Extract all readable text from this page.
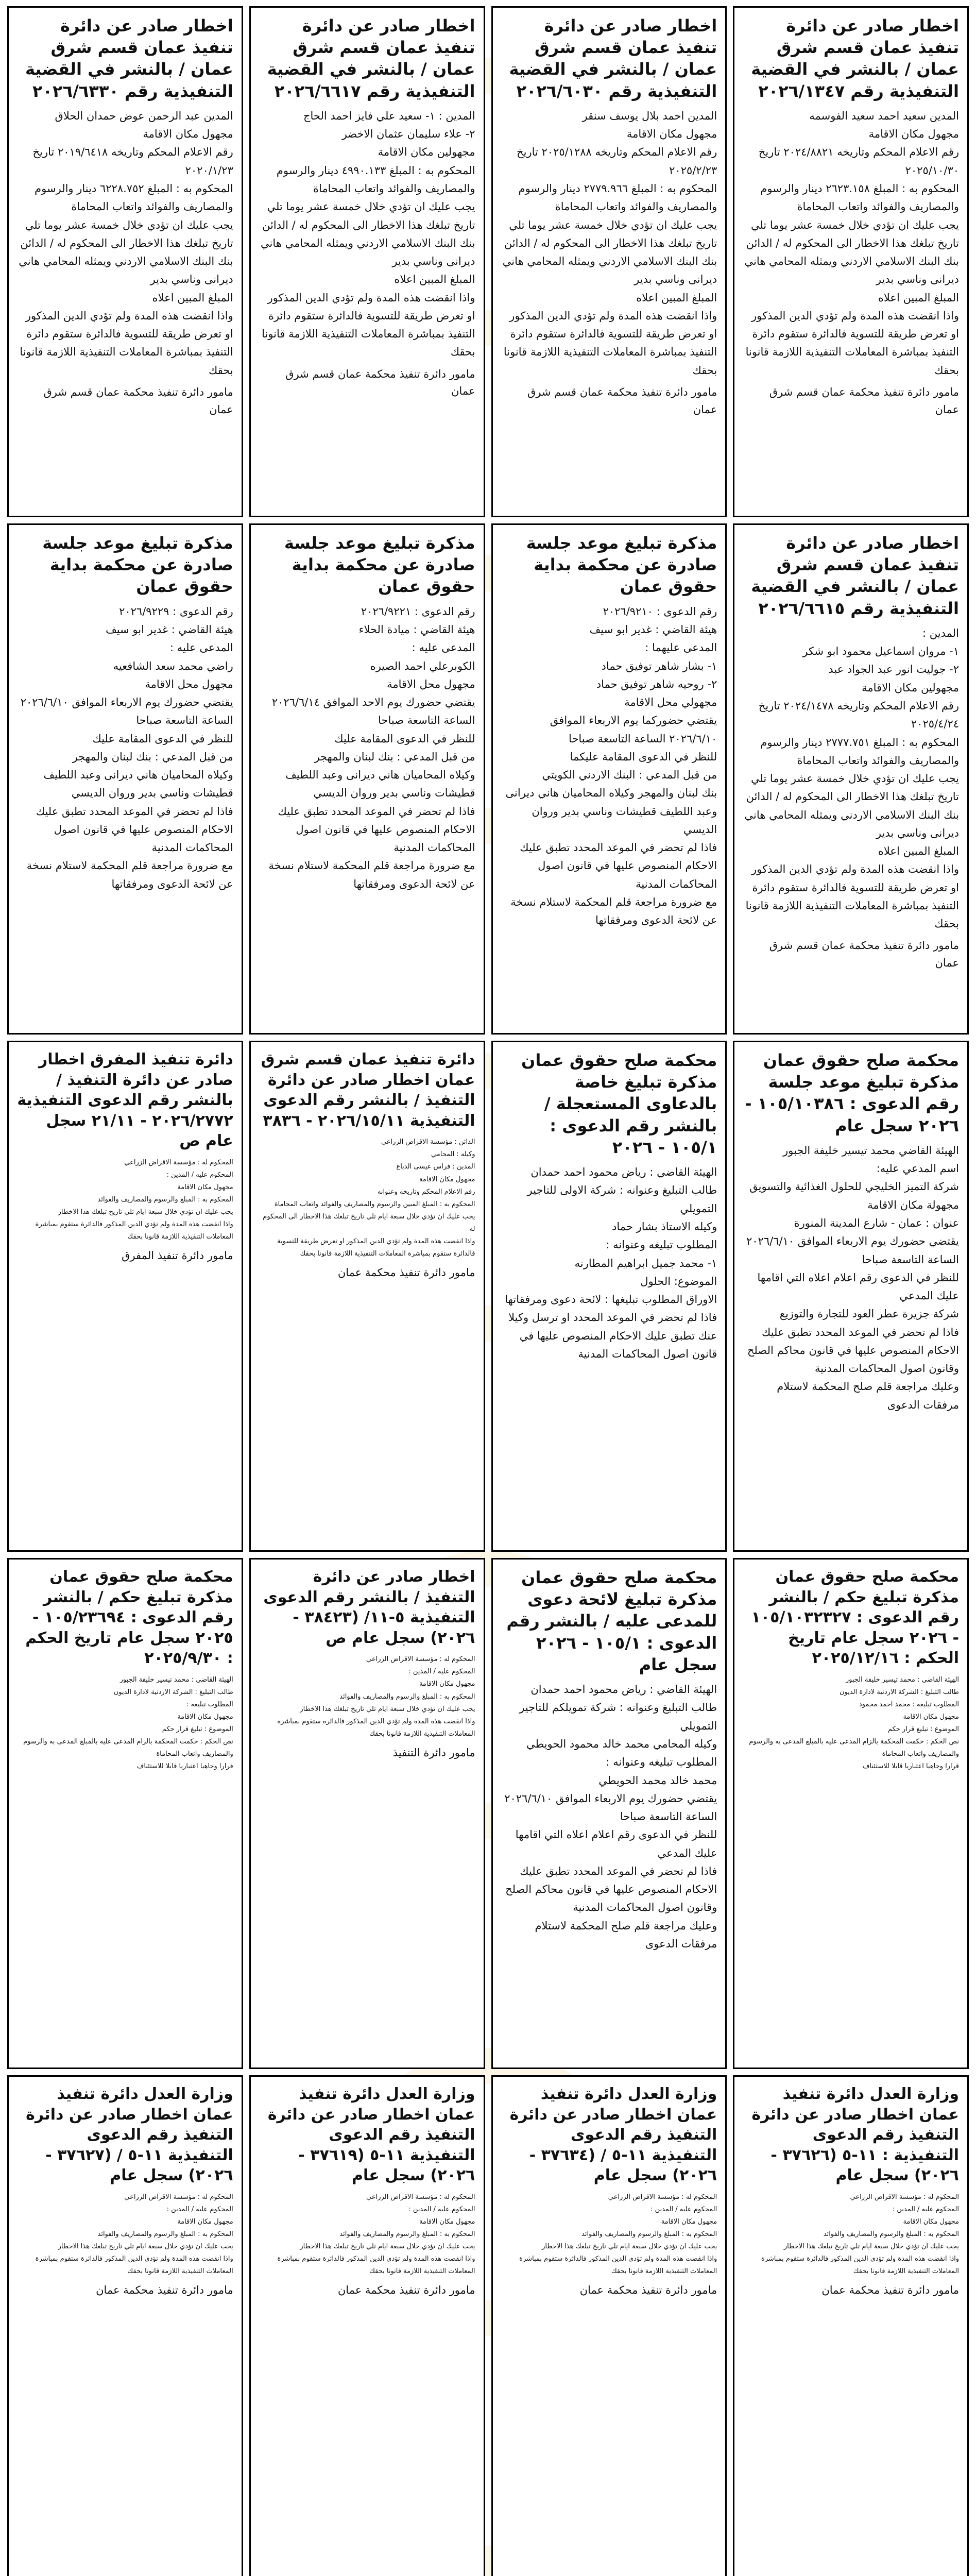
اخطار صادر عن دائرة تنفيذ عمان قسم شرق عمان / بالنشر في القضية التنفيذية رقم ٢٠٢٦/١٣٤٧

المدين سعيد احمد سعيد الفوسمه

مجهول مكان الاقامة

رقم الاعلام المحكم وتاريخه ٢٠٢٤/٨٨٢١ تاريخ ٢٠٢٥/١٠/٣٠

المحكوم به : المبلغ ٢٦٢٣.١٥٨ دينار والرسوم والمصاريف والفوائد واتعاب المحاماة

يجب عليك ان تؤدي خلال خمسة عشر يوما تلي تاريخ تبلغك هذا الاخطار الى المحكوم له / الدائن

بنك البنك الاسلامي الاردني ويمثله المحامي هاني ديرانى وناسي بدير

المبلغ المبين اعلاه

واذا انقضت هذه المدة ولم تؤدي الدين المذكور او تعرض طريقة للتسوية فالدائرة ستقوم دائرة التنفيذ بمباشرة المعاملات التنفيذية اللازمة قانونا بحقك

مامور دائرة تنفيذ محكمة عمان قسم شرق عمان
اخطار صادر عن دائرة تنفيذ عمان قسم شرق عمان / بالنشر في القضية التنفيذية رقم ٢٠٢٦/٦٠٣٠

المدين احمد بلال يوسف سنقر

مجهول مكان الاقامة

رقم الاعلام المحكم وتاريخه ٢٠٢٥/١٢٨٨ تاريخ ٢٠٢٥/٢/٢٣

المحكوم به : المبلغ ٢٧٧٩.٩٦٦ دينار والرسوم والمصاريف والفوائد واتعاب المحاماة

يجب عليك ان تؤدي خلال خمسة عشر يوما تلي تاريخ تبلغك هذا الاخطار الى المحكوم له / الدائن

بنك البنك الاسلامي الاردني ويمثله المحامي هاني ديرانى وناسي بدير

المبلغ المبين اعلاه

واذا انقضت هذه المدة ولم تؤدي الدين المذكور او تعرض طريقة للتسوية فالدائرة ستقوم دائرة التنفيذ بمباشرة المعاملات التنفيذية اللازمة قانونا بحقك

مامور دائرة تنفيذ محكمة عمان قسم شرق عمان
اخطار صادر عن دائرة تنفيذ عمان قسم شرق عمان / بالنشر في القضية التنفيذية رقم ٢٠٢٦/٦٦١٧

المدين : ١- سعيد علي فايز احمد الحاج

٢- علاء سليمان عثمان الاخضر

مجهولين مكان الاقامة

المحكوم به : المبلغ ٤٩٩٠.١٣٣ دينار والرسوم والمصاريف والفوائد واتعاب المحاماة

يجب عليك ان تؤدي خلال خمسة عشر يوما تلي تاريخ تبلغك هذا الاخطار الى المحكوم له / الدائن

بنك البنك الاسلامي الاردني ويمثله المحامي هاني ديرانى وناسي بدير

المبلغ المبين اعلاه

واذا انقضت هذه المدة ولم تؤدي الدين المذكور او تعرض طريقة للتسوية فالدائرة ستقوم دائرة التنفيذ بمباشرة المعاملات التنفيذية اللازمة قانونا بحقك

مامور دائرة تنفيذ محكمة عمان قسم شرق عمان
اخطار صادر عن دائرة تنفيذ عمان قسم شرق عمان / بالنشر في القضية التنفيذية رقم ٢٠٢٦/٦٣٣٠

المدين عبد الرحمن عوض حمدان الحلاق

مجهول مكان الاقامة

رقم الاعلام المحكم وتاريخه ٢٠١٩/٦٤١٨ تاريخ ٢٠٢٠/١/٢٣

المحكوم به : المبلغ ٦٢٢٨.٧٥٢ دينار والرسوم والمصاريف والفوائد واتعاب المحاماة

يجب عليك ان تؤدي خلال خمسة عشر يوما تلي تاريخ تبلغك هذا الاخطار الى المحكوم له / الدائن

بنك البنك الاسلامي الاردني ويمثله المحامي هاني ديرانى وناسي بدير

المبلغ المبين اعلاه

واذا انقضت هذه المدة ولم تؤدي الدين المذكور او تعرض طريقة للتسوية فالدائرة ستقوم دائرة التنفيذ بمباشرة المعاملات التنفيذية اللازمة قانونا بحقك

مامور دائرة تنفيذ محكمة عمان قسم شرق عمان
اخطار صادر عن دائرة تنفيذ عمان قسم شرق عمان / بالنشر في القضية التنفيذية رقم ٢٠٢٦/٦٦١٥

المدين :

١- مروان اسماعيل محمود ابو شكر

٢- جوليت انور عبد الجواد عبد

مجهولين مكان الاقامة

رقم الاعلام المحكم وتاريخه ٢٠٢٤/١٤٧٨ تاريخ ٢٠٢٥/٤/٢٤

المحكوم به : المبلغ ٢٧٧٧.٧٥١ دينار والرسوم والمصاريف والفوائد واتعاب المحاماة

يجب عليك ان تؤدي خلال خمسة عشر يوما تلي تاريخ تبلغك هذا الاخطار الى المحكوم له / الدائن

بنك البنك الاسلامي الاردني ويمثله المحامي هاني ديرانى وناسي بدير

المبلغ المبين اعلاه

واذا انقضت هذه المدة ولم تؤدي الدين المذكور او تعرض طريقة للتسوية فالدائرة ستقوم دائرة التنفيذ بمباشرة المعاملات التنفيذية اللازمة قانونا بحقك

مامور دائرة تنفيذ محكمة عمان قسم شرق عمان
مذكرة تبليغ موعد جلسة صادرة عن محكمة بداية حقوق عمان

رقم الدعوى : ٢٠٢٦/٩٢١٠

هيئة القاضي : غدير ابو سيف

المدعى عليهما :

١- بشار شاهر توفيق حماد

٢- روحيه شاهر توفيق حماد

مجهولي محل الاقامة

يقتضي حضوركما يوم الاربعاء الموافق ٢٠٢٦/٦/١٠ الساعة التاسعة صباحا

للنظر في الدعوى المقامة عليكما

من قبل المدعي : البنك الاردني الكويتي

بنك لبنان والمهجر وكيلاه المحاميان هاني ديرانى وعبد اللطيف قطيشات وناسي بدير وروان الديسي

فاذا لم تحضر في الموعد المحدد تطبق عليك الاحكام المنصوص عليها في قانون اصول المحاكمات المدنية

مع ضرورة مراجعة قلم المحكمة لاستلام نسخة عن لائحة الدعوى ومرفقاتها

مذكرة تبليغ موعد جلسة صادرة عن محكمة بداية حقوق عمان

رقم الدعوى : ٢٠٢٦/٩٢٢١

هيئة القاضي : ميادة الحلاء

المدعى عليه :

الكوبرعلي احمد الصيره

مجهول محل الاقامة

يقتضي حضورك يوم الاحد الموافق ٢٠٢٦/٦/١٤ الساعة التاسعة صباحا

للنظر في الدعوى المقامة عليك

من قبل المدعي : بنك لبنان والمهجر

وكيلاه المحاميان هاني ديرانى وعبد اللطيف قطيشات وناسي بدير وروان الديسي

فاذا لم تحضر في الموعد المحدد تطبق عليك الاحكام المنصوص عليها في قانون اصول المحاكمات المدنية

مع ضرورة مراجعة قلم المحكمة لاستلام نسخة عن لائحة الدعوى ومرفقاتها

مذكرة تبليغ موعد جلسة صادرة عن محكمة بداية حقوق عمان

رقم الدعوى : ٢٠٢٦/٩٢٢٩

هيئة القاضي : غدير ابو سيف

المدعى عليه :

راضي محمد سعد الشافعيه

مجهول محل الاقامة

يقتضي حضورك يوم الاربعاء الموافق ٢٠٢٦/٦/١٠ الساعة التاسعة صباحا

للنظر في الدعوى المقامة عليك

من قبل المدعي : بنك لبنان والمهجر

وكيلاه المحاميان هاني ديرانى وعبد اللطيف قطيشات وناسي بدير وروان الديسي

فاذا لم تحضر في الموعد المحدد تطبق عليك الاحكام المنصوص عليها في قانون اصول المحاكمات المدنية

مع ضرورة مراجعة قلم المحكمة لاستلام نسخة عن لائحة الدعوى ومرفقاتها

محكمة صلح حقوق عمان مذكرة تبليغ موعد جلسة رقم الدعوى : ١٠٥/١٠٣٨٦ - ٢٠٢٦ سجل عام

الهيئة القاضي محمد تيسير خليفة الجبور

اسم المدعي عليه:

شركة التميز الخليجي للحلول الغذائية والتسويق

مجهولة مكان الاقامة

عنوان : عمان - شارع المدينة المنورة

يقتضي حضورك يوم الاربعاء الموافق ٢٠٢٦/٦/١٠ الساعة التاسعة صباحا

للنظر في الدعوى رقم اعلام اعلاه التي اقامها عليك المدعي

شركة جزيرة عطر العود للتجارة والتوزيع

فاذا لم تحضر في الموعد المحدد تطبق عليك الاحكام المنصوص عليها في قانون محاكم الصلح وقانون اصول المحاكمات المدنية

وعليك مراجعة قلم صلح المحكمة لاستلام مرفقات الدعوى

محكمة صلح حقوق عمان مذكرة تبليغ خاصة بالدعاوى المستعجلة / بالنشر رقم الدعوى : ١٠٥/١ - ٢٠٢٦

الهيئة القاضي : رياض محمود احمد حمدان

طالب التبليغ وعنوانه : شركة الاولى للتاجير التمويلي

وكيله الاستاذ بشار حماد

المطلوب تبليغه وعنوانه :

١- محمد جميل ابراهيم المطارنه

الموضوع: الحلول

الاوراق المطلوب تبليغها : لائحة دعوى ومرفقاتها

فاذا لم تحضر في الموعد المحدد او ترسل وكيلا عنك تطبق عليك الاحكام المنصوص عليها في قانون اصول المحاكمات المدنية

دائرة تنفيذ عمان قسم شرق عمان اخطار صادر عن دائرة التنفيذ / بالنشر رقم الدعوى التنفيذية ٢٠٢٦/١٥/١١ - ٣٨٣٦

الدائن : مؤسسة الاقراض الزراعي

وكيله : المحامي

المدين : فراس عيسى الدباغ

مجهول مكان الاقامة

رقم الاعلام المحكم وتاريخه وعنوانه

المحكوم به : المبلغ المبين والرسوم والمصاريف والفوائد واتعاب المحاماة

يجب عليك ان تؤدي خلال سبعة ايام تلي تاريخ تبلغك هذا الاخطار الى المحكوم له

واذا انقضت هذه المدة ولم تؤدي الدين المذكور او تعرض طريقة للتسوية فالدائرة ستقوم بمباشرة المعاملات التنفيذية اللازمة قانونا بحقك

مامور دائرة تنفيذ محكمة عمان
دائرة تنفيذ المفرق اخطار صادر عن دائرة التنفيذ / بالنشر رقم الدعوى التنفيذية ٢٠٢٦/٢٧٧٢ - ٢١/١١ سجل عام ص

المحكوم له : مؤسسة الاقراض الزراعي

المحكوم عليه / المدين :

مجهول مكان الاقامة

المحكوم به : المبلغ والرسوم والمصاريف والفوائد

يجب عليك ان تؤدي خلال سبعة ايام تلي تاريخ تبلغك هذا الاخطار

واذا انقضت هذه المدة ولم تؤدي الدين المذكور فالدائرة ستقوم بمباشرة المعاملات التنفيذية اللازمة قانونا بحقك

مامور دائرة تنفيذ المفرق
محكمة صلح حقوق عمان مذكرة تبليغ حكم / بالنشر رقم الدعوى : ١٠٥/١٠٣٢٣٢٧ - ٢٠٢٦ سجل عام تاريخ الحكم : ٢٠٢٥/١٢/١٦

الهيئة القاضي : محمد تيسير خليفة الجبور

طالب التبليغ : الشركة الاردنية لادارة الديون

المطلوب تبليغه : محمد احمد محمود

مجهول مكان الاقامة

الموضوع : تبليغ قرار حكم

نص الحكم : حكمت المحكمة بالزام المدعى عليه بالمبلغ المدعى به والرسوم والمصاريف واتعاب المحاماة

قرارا وجاهيا اعتباريا قابلا للاستئناف

محكمة صلح حقوق عمان مذكرة تبليغ لائحة دعوى للمدعى عليه / بالنشر رقم الدعوى : ١٠٥/١ - ٢٠٢٦ سجل عام

الهيئة القاضي : رياض محمود احمد حمدان

طالب التبليغ وعنوانه : شركة تمويلكم للتاجير التمويلي

وكيله المحامي محمد خالد محمود الحويطي

المطلوب تبليغه وعنوانه :

محمد خالد محمد الحويطي

يقتضي حضورك يوم الاربعاء الموافق ٢٠٢٦/٦/١٠ الساعة التاسعة صباحا

للنظر في الدعوى رقم اعلام اعلاه التي اقامها عليك المدعي

فاذا لم تحضر في الموعد المحدد تطبق عليك الاحكام المنصوص عليها في قانون محاكم الصلح وقانون اصول المحاكمات المدنية

وعليك مراجعة قلم صلح المحكمة لاستلام مرفقات الدعوى

اخطار صادر عن دائرة التنفيذ / بالنشر رقم الدعوى التنفيذية ٥-١١/ (٣٨٤٢٣ - ٢٠٢٦) سجل عام ص

المحكوم له : مؤسسة الاقراض الزراعي

المحكوم عليه / المدين :

مجهول مكان الاقامة

المحكوم به : المبلغ والرسوم والمصاريف والفوائد

يجب عليك ان تؤدي خلال سبعة ايام تلي تاريخ تبلغك هذا الاخطار

واذا انقضت هذه المدة ولم تؤدي الدين المذكور فالدائرة ستقوم بمباشرة المعاملات التنفيذية اللازمة قانونا بحقك

مامور دائرة التنفيذ
محكمة صلح حقوق عمان مذكرة تبليغ حكم / بالنشر رقم الدعوى : ١٠٥/٢٣٦٩٤ - ٢٠٢٥ سجل عام تاريخ الحكم : ٢٠٢٥/٩/٣٠

الهيئة القاضي : محمد تيسير خليفة الجبور

طالب التبليغ : الشركة الاردنية لادارة الديون

المطلوب تبليغه :

مجهول مكان الاقامة

الموضوع : تبليغ قرار حكم

نص الحكم : حكمت المحكمة بالزام المدعى عليه بالمبلغ المدعى به والرسوم والمصاريف واتعاب المحاماة

قرارا وجاهيا اعتباريا قابلا للاستئناف

وزارة العدل دائرة تنفيذ عمان اخطار صادر عن دائرة التنفيذ رقم الدعوى التنفيذية : ١١-٥ (٣٧٦٢٦ - ٢٠٢٦) سجل عام

المحكوم له : مؤسسة الاقراض الزراعي

المحكوم عليه / المدين :

مجهول مكان الاقامة

المحكوم به : المبلغ والرسوم والمصاريف والفوائد

يجب عليك ان تؤدي خلال سبعة ايام تلي تاريخ تبلغك هذا الاخطار

واذا انقضت هذه المدة ولم تؤدي الدين المذكور فالدائرة ستقوم بمباشرة المعاملات التنفيذية اللازمة قانونا بحقك

مامور دائرة تنفيذ محكمة عمان
وزارة العدل دائرة تنفيذ عمان اخطار صادر عن دائرة التنفيذ رقم الدعوى التنفيذية ١١-٥ / (٣٧٦٣٤ - ٢٠٢٦) سجل عام

المحكوم له : مؤسسة الاقراض الزراعي

المحكوم عليه / المدين :

مجهول مكان الاقامة

المحكوم به : المبلغ والرسوم والمصاريف والفوائد

يجب عليك ان تؤدي خلال سبعة ايام تلي تاريخ تبلغك هذا الاخطار

واذا انقضت هذه المدة ولم تؤدي الدين المذكور فالدائرة ستقوم بمباشرة المعاملات التنفيذية اللازمة قانونا بحقك

مامور دائرة تنفيذ محكمة عمان
وزارة العدل دائرة تنفيذ عمان اخطار صادر عن دائرة التنفيذ رقم الدعوى التنفيذية ١١-٥ (٣٧٦١٩ - ٢٠٢٦) سجل عام

المحكوم له : مؤسسة الاقراض الزراعي

المحكوم عليه / المدين :

مجهول مكان الاقامة

المحكوم به : المبلغ والرسوم والمصاريف والفوائد

يجب عليك ان تؤدي خلال سبعة ايام تلي تاريخ تبلغك هذا الاخطار

واذا انقضت هذه المدة ولم تؤدي الدين المذكور فالدائرة ستقوم بمباشرة المعاملات التنفيذية اللازمة قانونا بحقك

مامور دائرة تنفيذ محكمة عمان
وزارة العدل دائرة تنفيذ عمان اخطار صادر عن دائرة التنفيذ رقم الدعوى التنفيذية ١١-٥ / (٣٧٦٢٧ - ٢٠٢٦) سجل عام

المحكوم له : مؤسسة الاقراض الزراعي

المحكوم عليه / المدين :

مجهول مكان الاقامة

المحكوم به : المبلغ والرسوم والمصاريف والفوائد

يجب عليك ان تؤدي خلال سبعة ايام تلي تاريخ تبلغك هذا الاخطار

واذا انقضت هذه المدة ولم تؤدي الدين المذكور فالدائرة ستقوم بمباشرة المعاملات التنفيذية اللازمة قانونا بحقك

مامور دائرة تنفيذ محكمة عمان
